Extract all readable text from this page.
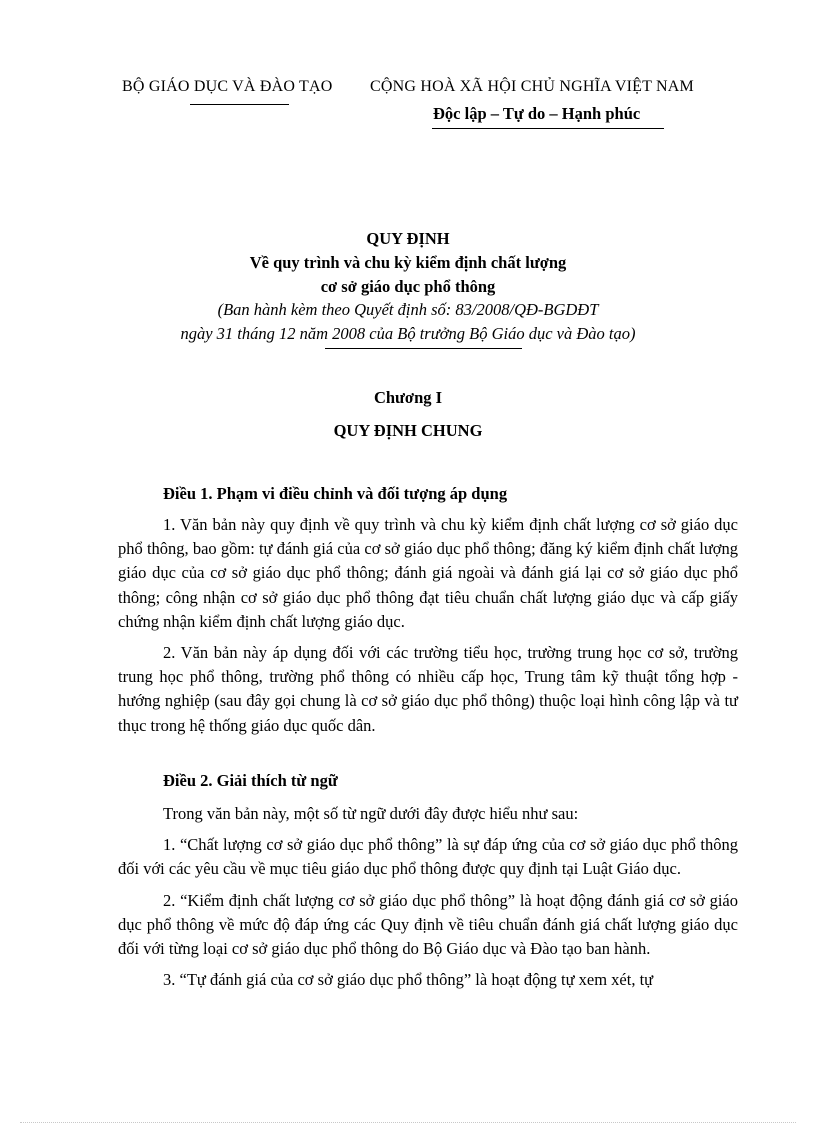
BỘ GIÁO DỤC VÀ ĐÀO TẠO CỘNG HOÀ XÃ HỘI CHỦ NGHĨA VIỆT NAM
Độc lập – Tự do – Hạnh phúc
QUY ĐỊNH
Về quy trình và chu kỳ kiểm định chất lượng
cơ sở giáo dục phổ thông
(Ban hành kèm theo Quyết định số: 83/2008/QĐ-BGDĐT
ngày 31 tháng 12 năm 2008 của Bộ trưởng Bộ Giáo dục và Đào tạo)
Chương I
QUY ĐỊNH CHUNG
Điều 1. Phạm vi điều chỉnh và đối tượng áp dụng

1. Văn bản này quy định về quy trình và chu kỳ kiểm định chất lượng cơ sở giáo dục phổ thông, bao gồm: tự đánh giá của cơ sở giáo dục phổ thông; đăng ký kiểm định chất lượng giáo dục của cơ sở giáo dục phổ thông; đánh giá ngoài và đánh giá lại cơ sở giáo dục phổ thông; công nhận cơ sở giáo dục phổ thông đạt tiêu chuẩn chất lượng giáo dục và cấp giấy chứng nhận kiểm định chất lượng giáo dục.

2. Văn bản này áp dụng đối với các trường tiểu học, trường trung học cơ sở, trường trung học phổ thông, trường phổ thông có nhiều cấp học, Trung tâm kỹ thuật tổng hợp - hướng nghiệp (sau đây gọi chung là cơ sở giáo dục phổ thông) thuộc loại hình công lập và tư thục trong hệ thống giáo dục quốc dân.

Điều 2. Giải thích từ ngữ

Trong văn bản này, một số từ ngữ dưới đây được hiểu như sau:

1. “Chất lượng cơ sở giáo dục phổ thông” là sự đáp ứng của cơ sở giáo dục phổ thông đối với các yêu cầu về mục tiêu giáo dục phổ thông được quy định tại Luật Giáo dục.

2. “Kiểm định chất lượng cơ sở giáo dục phổ thông” là hoạt động đánh giá cơ sở giáo dục phổ thông về mức độ đáp ứng các Quy định về tiêu chuẩn đánh giá chất lượng giáo dục đối với từng loại cơ sở giáo dục phổ thông do Bộ Giáo dục và Đào tạo ban hành.

3. “Tự đánh giá của cơ sở giáo dục phổ thông” là hoạt động tự xem xét, tự
